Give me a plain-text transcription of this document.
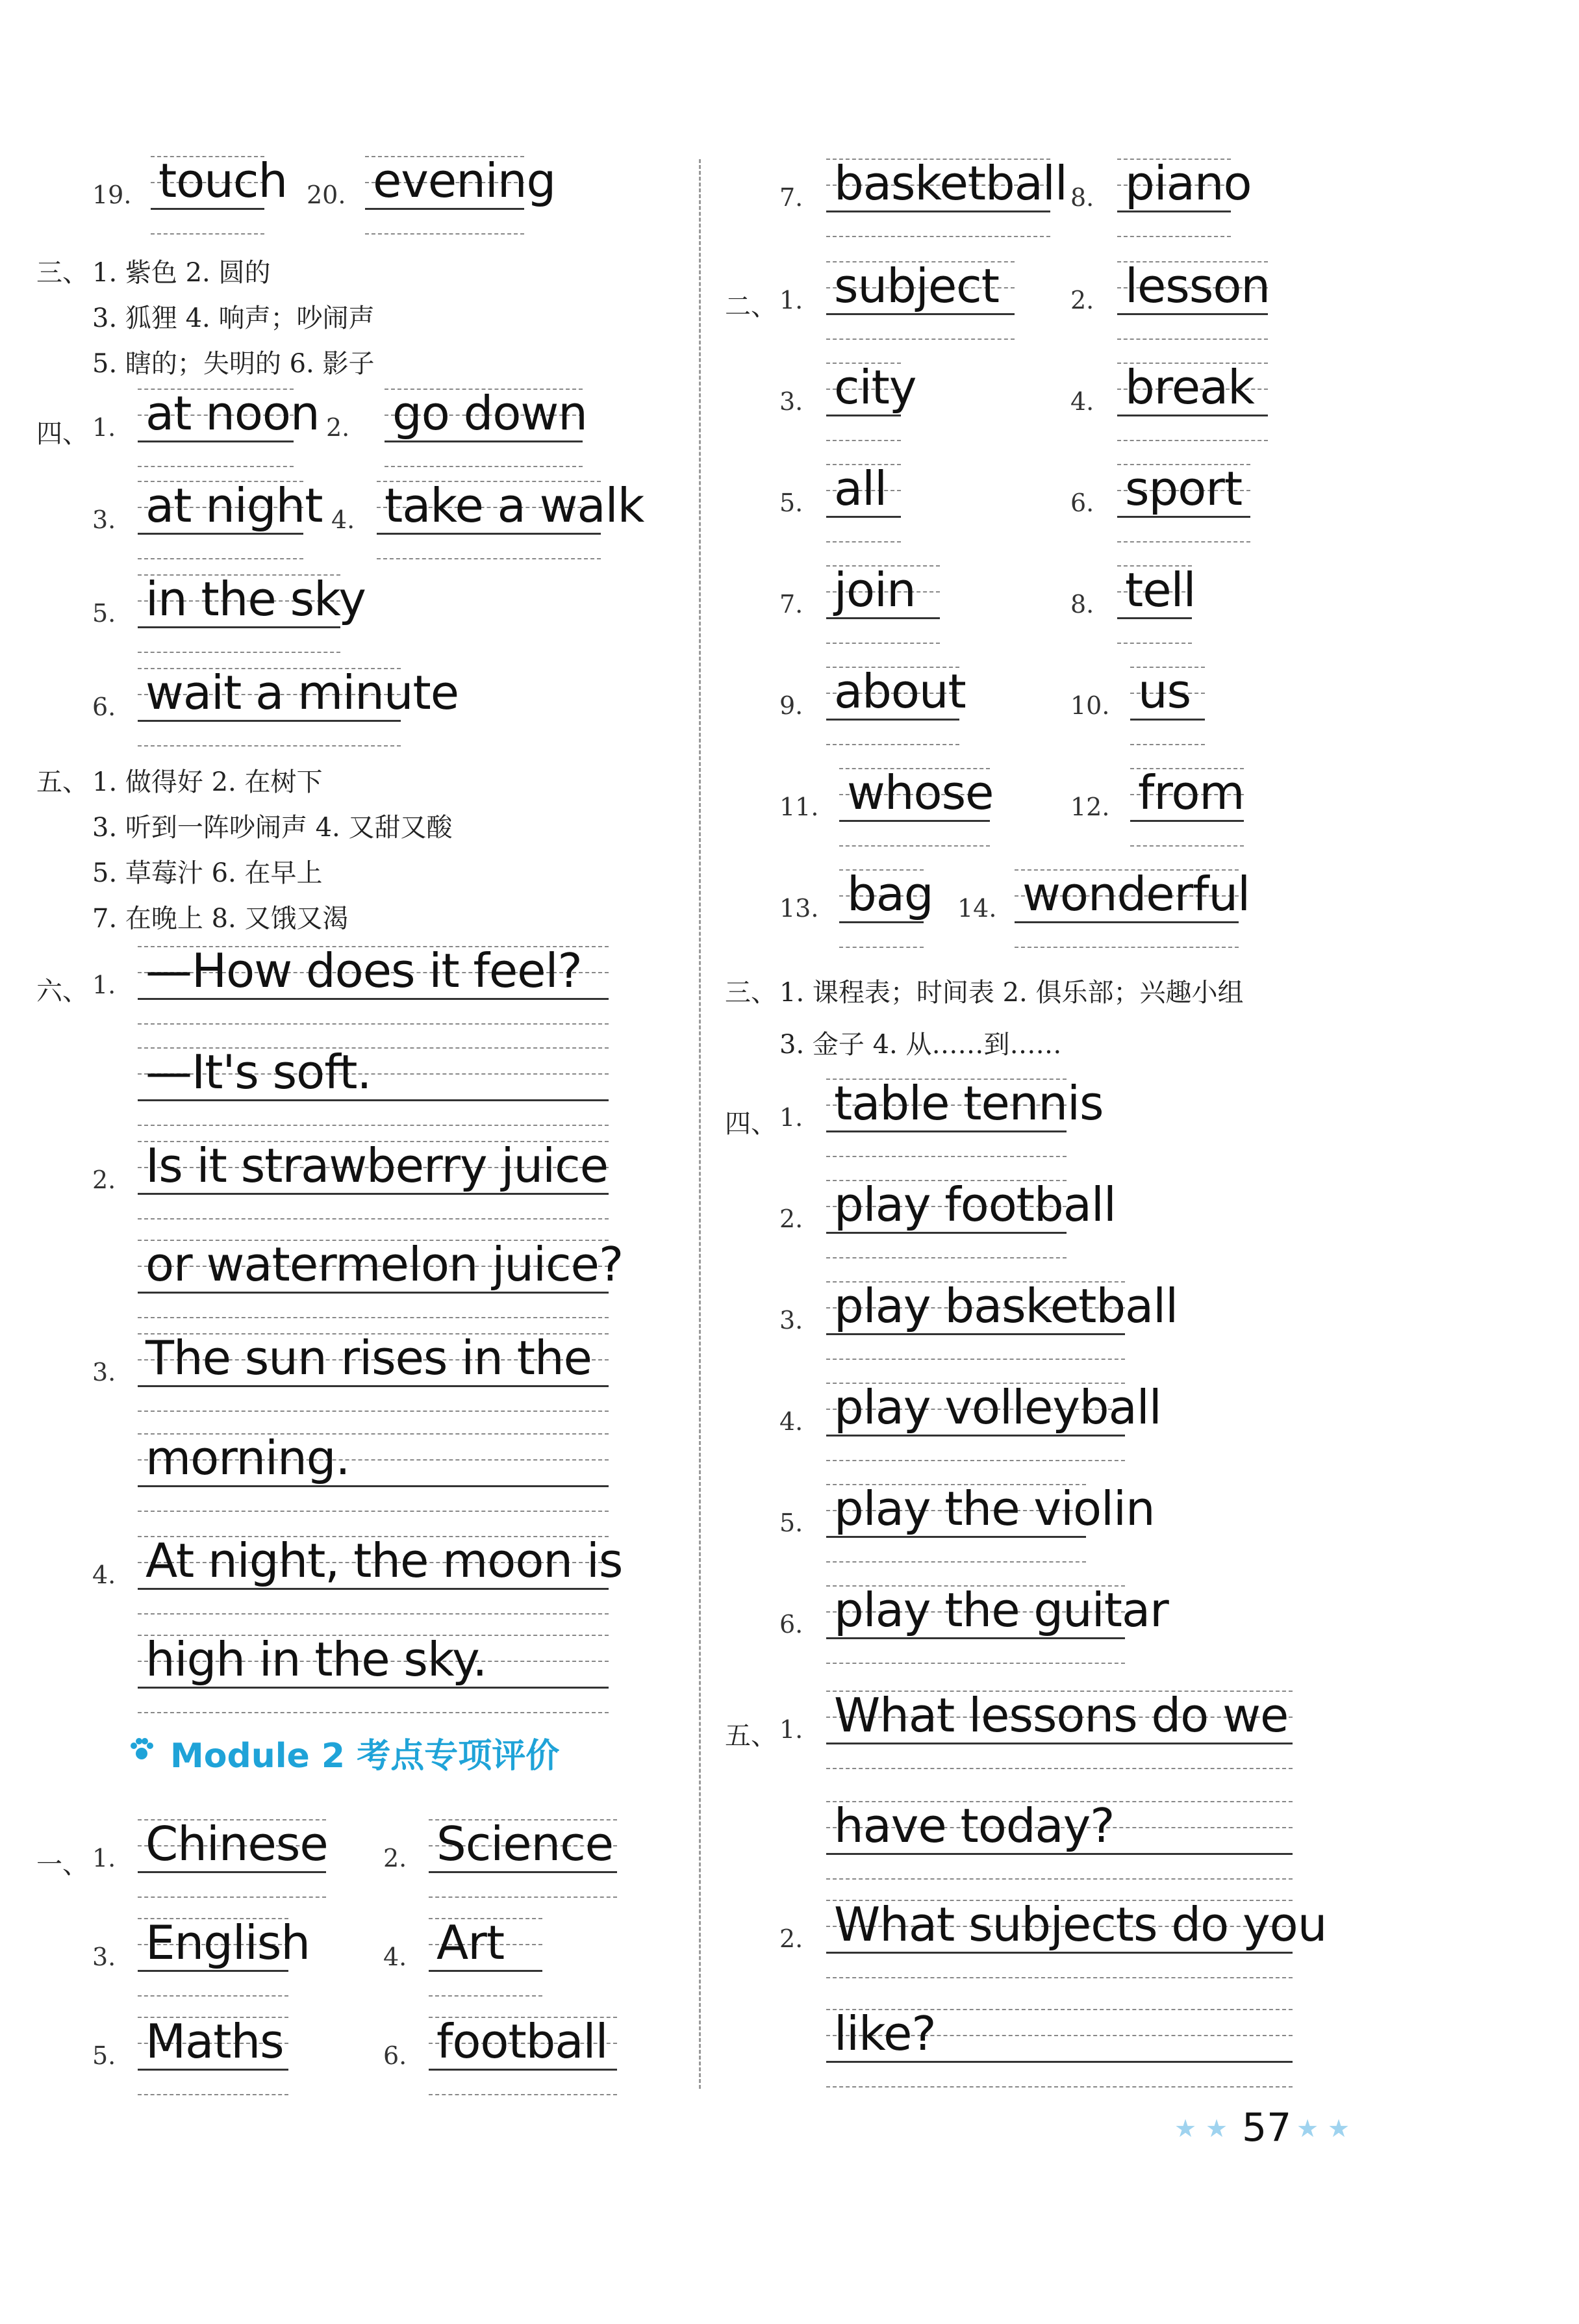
19. touch 20. evening
三、 1. 紫色 2. 圆的
3. 狐狸 4. 响声；吵闹声
5. 瞎的；失明的 6. 影子
四、 1. at noon 2. go down
3. at night 4. take a walk
5. in the sky
6. wait a minute
五、 1. 做得好 2. 在树下
3. 听到一阵吵闹声 4. 又甜又酸
5. 草莓汁 6. 在早上
7. 在晚上 8. 又饿又渴
六、 1. —How does it feel?
—It's soft.
2. Is it strawberry juice
or watermelon juice?
3. The sun rises in the
morning.
4. At night, the moon is
high in the sky.
Module 2 考点专项评价
一、 1. Chinese 2. Science
3. English	4. Art
5. Maths	6. football
7. basketball 8. piano
二、 1. subject	2. lesson
3. city	4. break
5. all	6. sport
7. join	8. tell
9. about	10. us
11. whose	12. from
13. bag 14. wonderful
三、 1. 课程表；时间表 2. 俱乐部；兴趣小组
3. 金子 4. 从……到……
四、 1. table tennis
2. play football
3. play basketball
4. play volleyball
5. play the violin
6. play the guitar
五、 1. What lessons do we
have today?
2. What subjects do you
like?
★ ★ 57 ★ ★
